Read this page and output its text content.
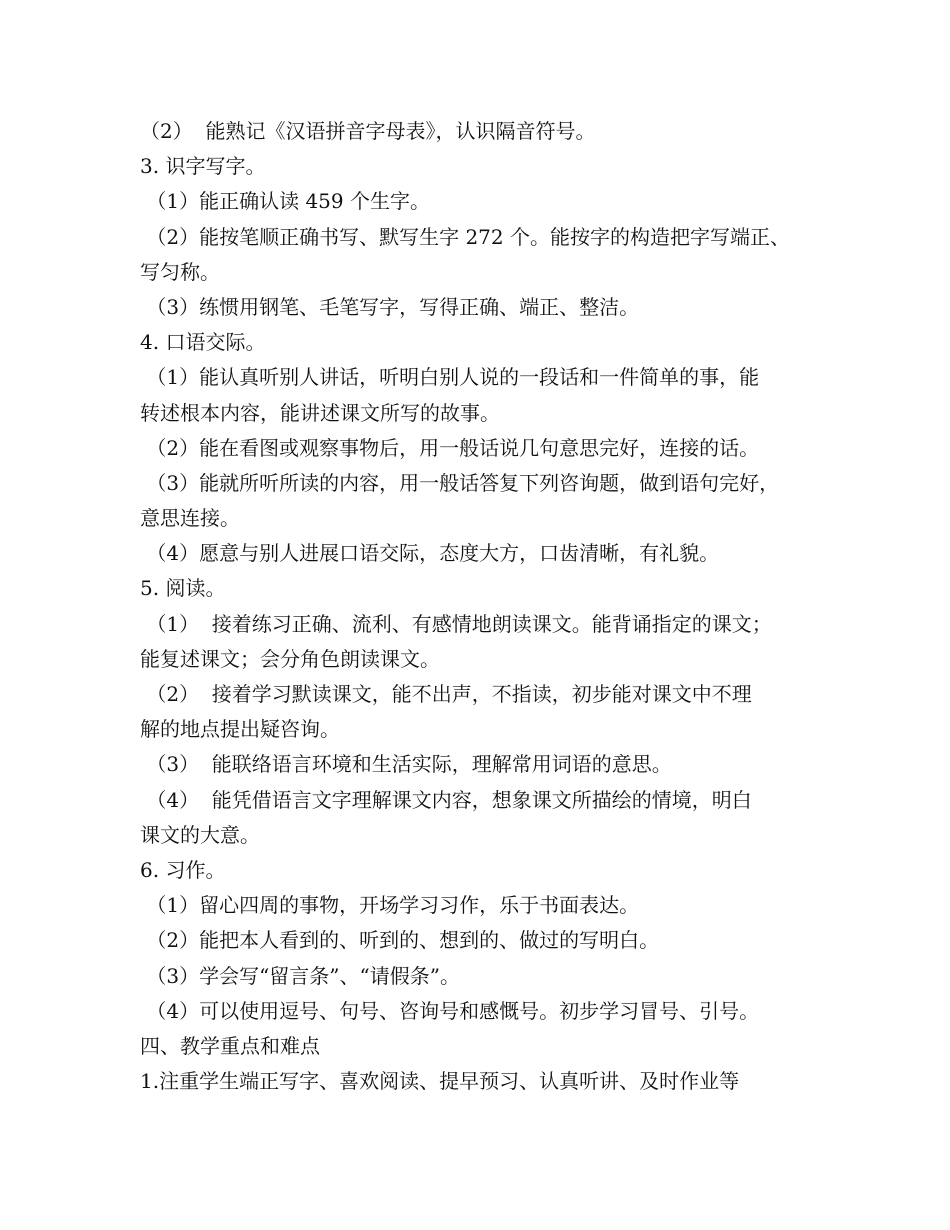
（2）  能熟记《汉语拼音字母表》，认识隔音符号。
3. 识字写字。
（1）能正确认读 459 个生字。
（2）能按笔顺正确书写、默写生字 272 个。能按字的构造把字写端正、
写匀称。
（3）练惯用钢笔、毛笔写字，写得正确、端正、整洁。
4. 口语交际。
（1）能认真听别人讲话，听明白别人说的一段话和一件简单的事，能
转述根本内容，能讲述课文所写的故事。
（2）能在看图或观察事物后，用一般话说几句意思完好，连接的话。
（3）能就所听所读的内容，用一般话答复下列咨询题，做到语句完好，
意思连接。
（4）愿意与别人进展口语交际，态度大方，口齿清晰，有礼貌。
5. 阅读。
（1）  接着练习正确、流利、有感情地朗读课文。能背诵指定的课文；
能复述课文；会分角色朗读课文。
（2）  接着学习默读课文，能不出声，不指读，初步能对课文中不理
解的地点提出疑咨询。
（3）  能联络语言环境和生活实际，理解常用词语的意思。
（4）  能凭借语言文字理解课文内容，想象课文所描绘的情境，明白
课文的大意。
6. 习作。
（1）留心四周的事物，开场学习习作，乐于书面表达。
（2）能把本人看到的、听到的、想到的、做过的写明白。
（3）学会写“留言条”、“请假条”。
（4）可以使用逗号、句号、咨询号和感慨号。初步学习冒号、引号。
四、教学重点和难点
1.注重学生端正写字、喜欢阅读、提早预习、认真听讲、及时作业等
